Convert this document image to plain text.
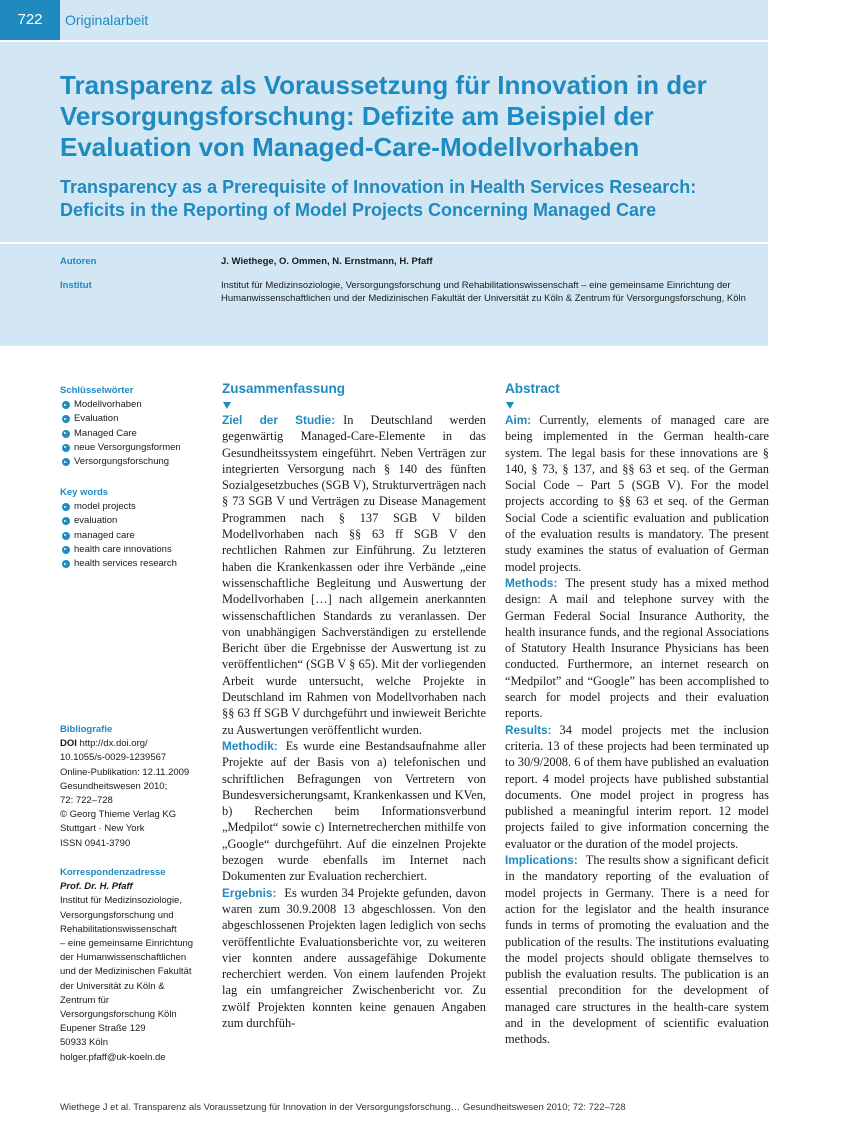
722	Originalarbeit
Transparenz als Voraussetzung für Innovation in der Versorgungsforschung: Defizite am Beispiel der Evaluation von Managed-Care-Modellvorhaben
Transparency as a Prerequisite of Innovation in Health Services Research: Deficits in the Reporting of Model Projects Concerning Managed Care
Autoren	J. Wiethege, O. Ommen, N. Ernstmann, H. Pfaff
Institut	Institut für Medizinsoziologie, Versorgungsforschung und Rehabilitationswissenschaft – eine gemeinsame Einrichtung der Humanwissenschaftlichen und der Medizinischen Fakultät der Universität zu Köln & Zentrum für Versorgungsforschung, Köln
Schlüsselwörter
Modellvorhaben
Evaluation
Managed Care
neue Versorgungsformen
Versorgungsforschung
Key words
model projects
evaluation
managed care
health care innovations
health services research
Bibliografie
DOI http://dx.doi.org/
10.1055/s-0029-1239567
Online-Publikation: 12.11.2009
Gesundheitswesen 2010;
72: 722–728
© Georg Thieme Verlag KG
Stuttgart · New York
ISSN 0941-3790
Korrespondenzadresse
Prof. Dr. H. Pfaff
Institut für Medizinsoziologie,
Versorgungsforschung und
Rehabilitationswissenschaft
– eine gemeinsame Einrichtung
der Humanwissenschaftlichen
und der Medizinischen Fakultät
der Universität zu Köln &
Zentrum für
Versorgungsforschung Köln
Eupener Straße 129
50933 Köln
holger.pfaff@uk-koeln.de
Zusammenfassung

Ziel der Studie: In Deutschland werden gegenwärtig Managed-Care-Elemente in das Gesundheitssystem eingeführt. Neben Verträgen zur integrierten Versorgung nach § 140 des fünften Sozialgesetzbuches (SGB V), Strukturverträgen nach § 73 SGB V und Verträgen zu Disease Management Programmen nach § 137 SGB V bilden Modellvorhaben nach §§ 63 ff SGB V den rechtlichen Rahmen zur Einführung. Zu letzteren haben die Krankenkassen oder ihre Verbände „eine wissenschaftliche Begleitung und Auswertung der Modellvorhaben […] nach allgemein anerkannten wissenschaftlichen Standards zu veranlassen. Der von unabhängigen Sachverständigen zu erstellende Bericht über die Ergebnisse der Auswertung ist zu veröffentlichen“ (SGB V § 65). Mit der vorliegenden Arbeit wurde untersucht, welche Projekte in Deutschland im Rahmen von Modellvorhaben nach §§ 63 ff SGB V durchgeführt und inwieweit Berichte zu Auswertungen veröffentlicht wurden.

Methodik: Es wurde eine Bestandsaufnahme aller Projekte auf der Basis von a) telefonischen und schriftlichen Befragungen von Vertretern von Bundesversicherungsamt, Krankenkassen und KVen, b) Recherchen beim Informationsverbund „Medpilot“ sowie c) Internetrecherchen mithilfe von „Google“ durchgeführt. Auf die einzelnen Projekte bezogen wurde ebenfalls im Internet nach Dokumenten zur Evaluation recherchiert.

Ergebnis: Es wurden 34 Projekte gefunden, davon waren zum 30.9.2008 13 abgeschlossen. Von den abgeschlossenen Projekten lagen lediglich von sechs veröffentlichte Evaluationsberichte vor, zu weiteren vier konnten andere aussagefähige Dokumente recherchiert werden. Von einem laufenden Projekt lag ein umfangreicher Zwischenbericht vor. Zu zwölf Projekten konnten keine genauen Angaben zum durchfüh-

Abstract

Aim: Currently, elements of managed care are being implemented in the German health-care system. The legal basis for these innovations are § 140, § 73, § 137, and §§ 63 et seq. of the German Social Code – Part 5 (SGB V). For the model projects according to §§ 63 et seq. of the German Social Code a scientific evaluation and publication of the evaluation results is mandatory. The present study examines the status of evaluation of German model projects.

Methods: The present study has a mixed method design: A mail and telephone survey with the German Federal Social Insurance Authority, the health insurance funds, and the regional Associations of Statutory Health Insurance Physicians has been conducted. Furthermore, an internet research on “Medpilot” and “Google” has been accomplished to search for model projects and their evaluation reports.

Results: 34 model projects met the inclusion criteria. 13 of these projects had been terminated up to 30/9/2008. 6 of them have published an evaluation report. 4 model projects have published substantial documents. One model project in progress has published a meaningful interim report. 12 model projects failed to give information concerning the evaluator or the duration of the model projects.

Implications: The results show a significant deficit in the mandatory reporting of the evaluation of model projects in Germany. There is a need for action for the legislator and the health insurance funds in terms of promoting the evaluation and the publication of the results. The institutions evaluating the model projects should obligate themselves to publish the evaluation results. The publication is an essential precondition for the development of managed care structures in the health-care system and in the development of scientific evaluation methods.

Wiethege J et al. Transparenz als Voraussetzung für Innovation in der Versorgungsforschung… Gesundheitswesen 2010; 72: 722–728
